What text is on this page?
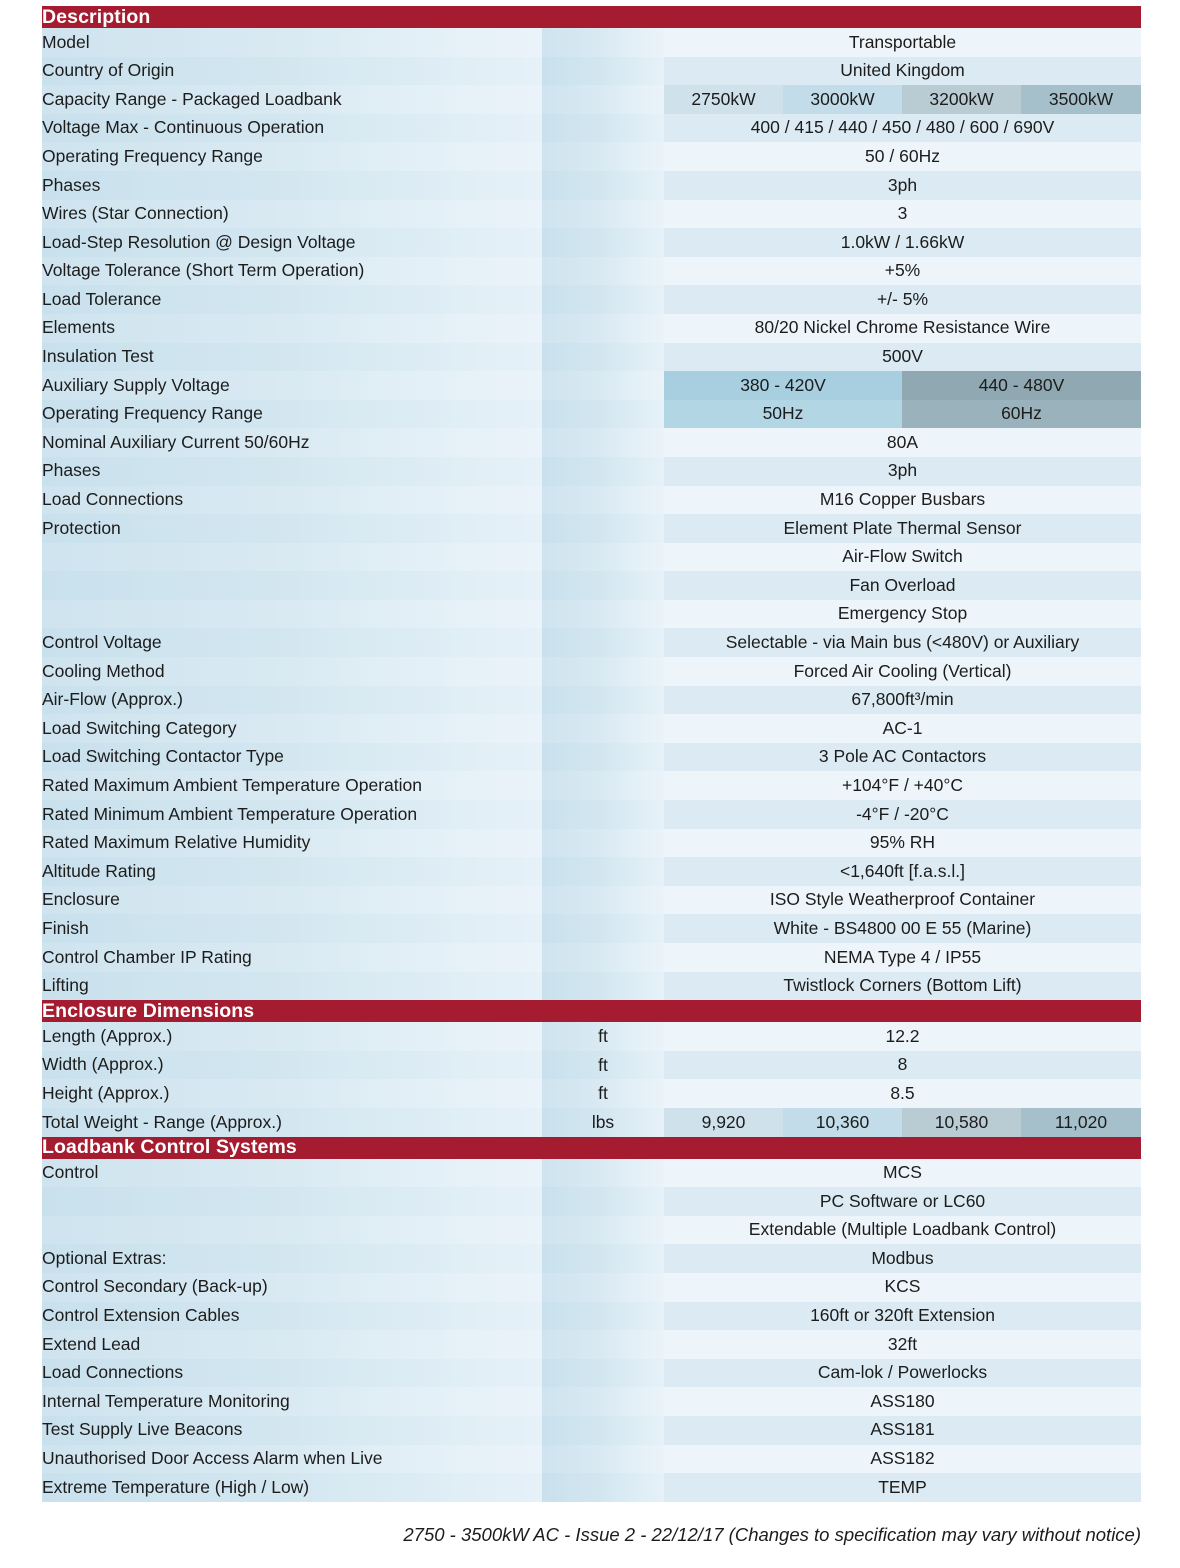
Description					
Model		Transportable			
Country of Origin		United Kingdom			
Capacity Range - Packaged Loadbank		2750kW	3000kW	3200kW	3500kW
Voltage Max - Continuous Operation		400 / 415 / 440 / 450 / 480 / 600 / 690V			
Operating Frequency Range		50 / 60Hz			
Phases		3ph			
Wires (Star Connection)		3			
Load-Step Resolution @ Design Voltage		1.0kW / 1.66kW			
Voltage Tolerance (Short Term Operation)		+5%			
Load Tolerance		+/- 5%			
Elements		80/20 Nickel Chrome Resistance Wire			
Insulation Test		500V			
Auxiliary Supply Voltage		380 - 420V		440 - 480V	
Operating Frequency Range		50Hz		60Hz	
Nominal Auxiliary Current 50/60Hz		80A			
Phases		3ph			
Load Connections		M16 Copper Busbars			
Protection		Element Plate Thermal Sensor			
		Air-Flow Switch			
		Fan Overload			
		Emergency Stop			
Control Voltage		Selectable - via Main bus (<480V) or Auxiliary			
Cooling Method		Forced Air Cooling (Vertical)			
Air-Flow (Approx.)		67,800ft³/min			
Load Switching Category		AC-1			
Load Switching Contactor Type		3 Pole AC Contactors			
Rated Maximum Ambient Temperature Operation		+104°F / +40°C			
Rated Minimum Ambient Temperature Operation		-4°F / -20°C			
Rated Maximum Relative Humidity		95% RH			
Altitude Rating		<1,640ft [f.a.s.l.]			
Enclosure		ISO Style Weatherproof Container			
Finish		White - BS4800 00 E 55 (Marine)			
Control Chamber IP Rating		NEMA Type 4 / IP55			
Lifting		Twistlock Corners (Bottom Lift)			
Enclosure Dimensions					
Length (Approx.)	ft	12.2			
Width (Approx.)	ft	8			
Height (Approx.)	ft	8.5			
Total Weight - Range (Approx.)	lbs	9,920	10,360	10,580	11,020
Loadbank Control Systems					
Control		MCS			
		PC Software or LC60			
		Extendable (Multiple Loadbank Control)			
Optional Extras:		Modbus			
Control Secondary (Back-up)		KCS			
Control Extension Cables		160ft or 320ft Extension			
Extend Lead		32ft			
Load Connections		Cam-lok / Powerlocks			
Internal Temperature Monitoring		ASS180			
Test Supply Live Beacons		ASS181			
Unauthorised Door Access Alarm when Live		ASS182			
Extreme Temperature (High / Low)		TEMP			
2750 - 3500kW AC - Issue 2 - 22/12/17 (Changes to specification may vary without notice)
